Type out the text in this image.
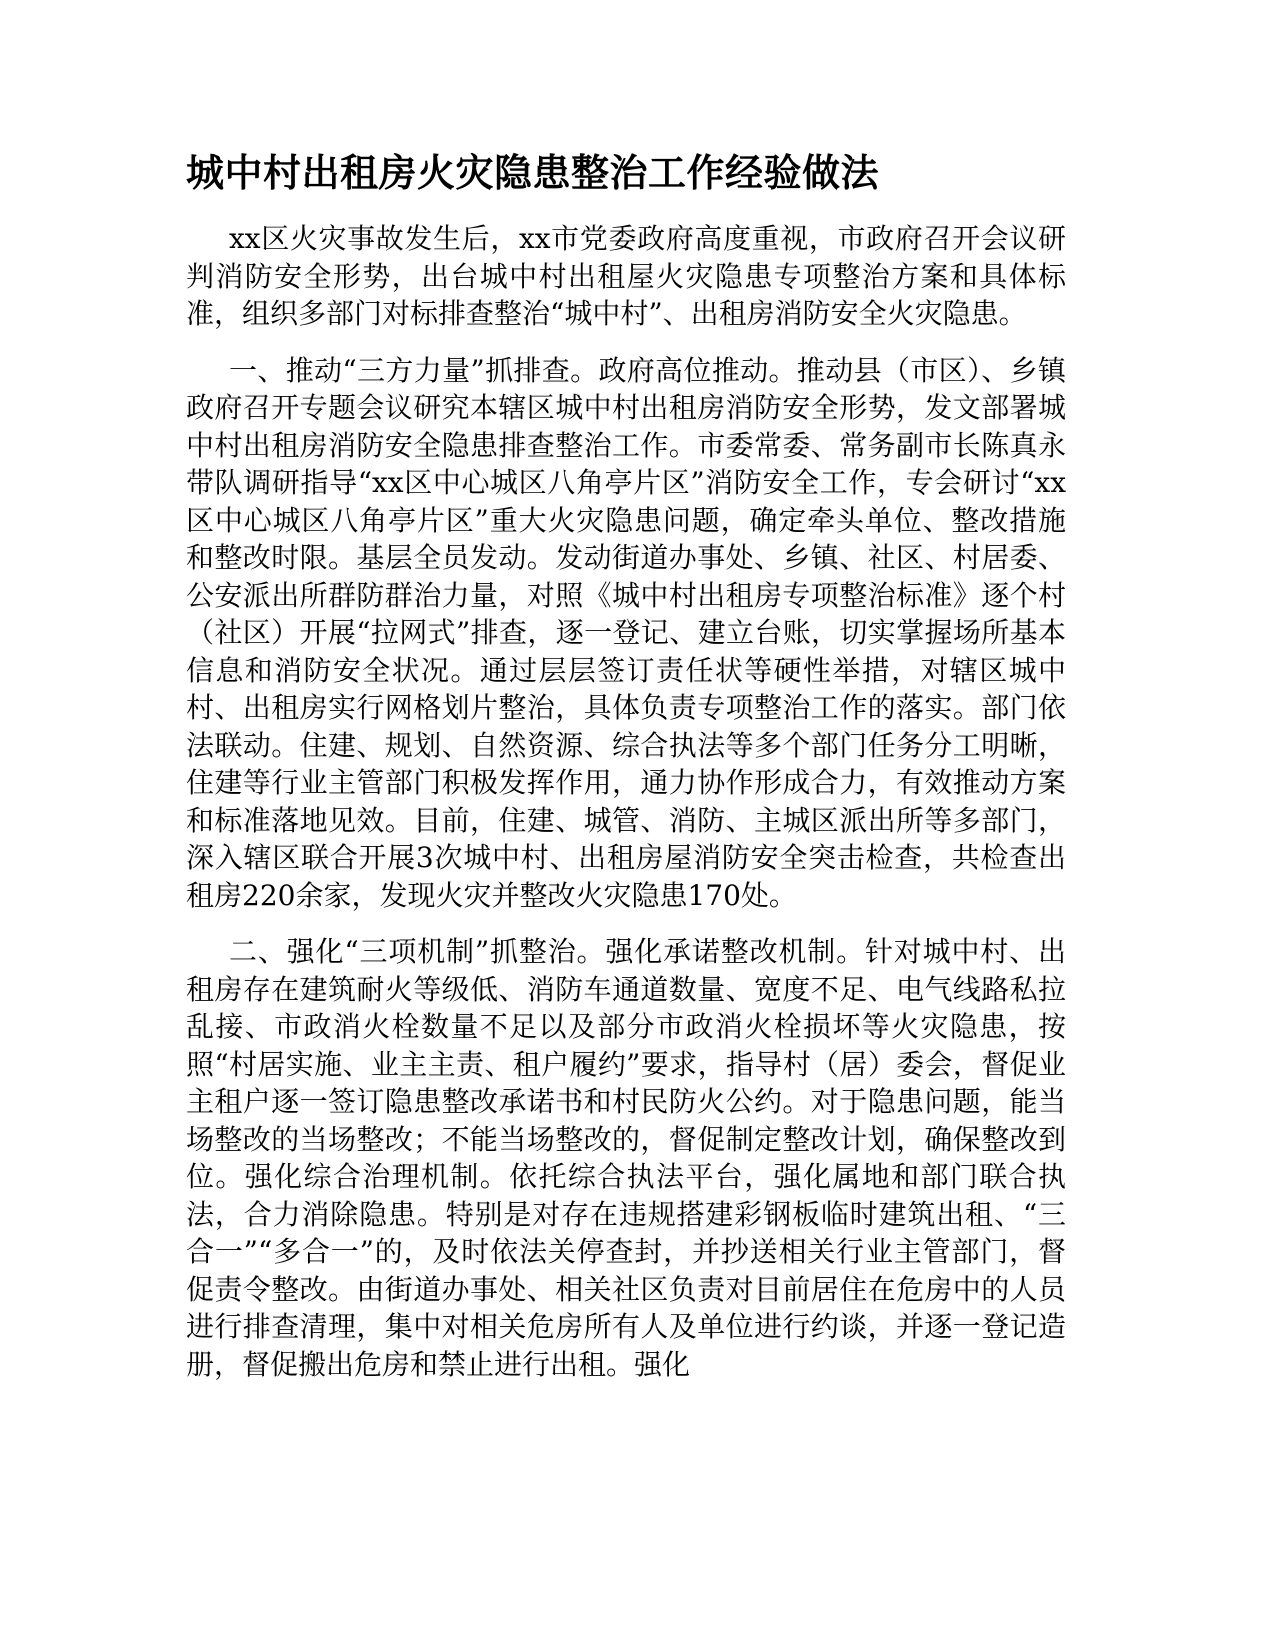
城中村出租房火灾隐患整治工作经验做法

xx区火灾事故发生后，xx市党委政府高度重视，市政府召开会议研判消防安全形势，出台城中村出租屋火灾隐患专项整治方案和具体标准，组织多部门对标排查整治“城中村”、出租房消防安全火灾隐患。

一、推动“三方力量”抓排查。政府高位推动。推动县（市区）、乡镇政府召开专题会议研究本辖区城中村出租房消防安全形势，发文部署城中村出租房消防安全隐患排查整治工作。市委常委、常务副市长陈真永带队调研指导“xx区中心城区八角亭片区”消防安全工作，专会研讨“xx区中心城区八角亭片区”重大火灾隐患问题，确定牵头单位、整改措施和整改时限。基层全员发动。发动街道办事处、乡镇、社区、村居委、公安派出所群防群治力量，对照《城中村出租房专项整治标准》逐个村（社区）开展“拉网式”排查，逐一登记、建立台账，切实掌握场所基本信息和消防安全状况。通过层层签订责任状等硬性举措，对辖区城中村、出租房实行网格划片整治，具体负责专项整治工作的落实。部门依法联动。住建、规划、自然资源、综合执法等多个部门任务分工明晰，住建等行业主管部门积极发挥作用，通力协作形成合力，有效推动方案和标准落地见效。目前，住建、城管、消防、主城区派出所等多部门，深入辖区联合开展3次城中村、出租房屋消防安全突击检查，共检查出租房220余家，发现火灾并整改火灾隐患170处。

二、强化“三项机制”抓整治。强化承诺整改机制。针对城中村、出租房存在建筑耐火等级低、消防车通道数量、宽度不足、电气线路私拉乱接、市政消火栓数量不足以及部分市政消火栓损坏等火灾隐患，按照“村居实施、业主主责、租户履约”要求，指导村（居）委会，督促业主租户逐一签订隐患整改承诺书和村民防火公约。对于隐患问题，能当场整改的当场整改；不能当场整改的，督促制定整改计划，确保整改到位。强化综合治理机制。依托综合执法平台，强化属地和部门联合执法，合力消除隐患。特别是对存在违规搭建彩钢板临时建筑出租、“三合一”“多合一”的，及时依法关停查封，并抄送相关行业主管部门，督促责令整改。由街道办事处、相关社区负责对目前居住在危房中的人员进行排查清理，集中对相关危房所有人及单位进行约谈，并逐一登记造册，督促搬出危房和禁止进行出租。强化
